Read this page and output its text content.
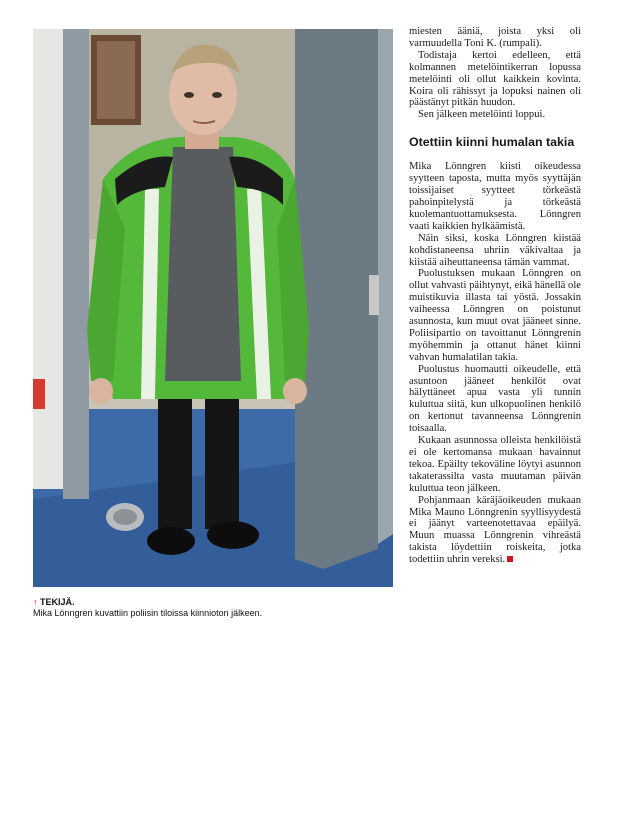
↑ TEKIJÄ.
Mika Lönngren kuvattiin poliisin tiloissa kiinnioton jälkeen.

miesten ääniä, joista yksi oli varmuudella Toni K. (rumpali).

Todistaja kertoi edelleen, että kolmannen metelöintikerran lopussa metelöinti oli ollut kaikkein kovinta. Koira oli rähissyt ja lopuksi nainen oli päästänyt pitkän huudon.

Sen jälkeen metelöinti loppui.

Otettiin kiinni humalan takia

Mika Lönngren kiisti oikeudessa syytteen taposta, mutta myös syyttäjän toissijaiset syytteet törkeästä pahoinpitelystä ja törkeästä kuolemantuottamuksesta. Lönngren vaati kaikkien hylkäämistä.

Näin siksi, koska Lönngren kiistää kohdistaneensa uhriin väkivaltaa ja kiistää aiheuttaneensa tämän vammat.

Puolustuksen mukaan Lönngren on ollut vahvasti päihtynyt, eikä hänellä ole muistikuvia illasta tai yöstä. Jossakin vaiheessa Lönngren on poistunut asunnosta, kun muut ovat jääneet sinne. Poliisipartio on tavoittanut Lönngrenin myöhemmin ja ottanut hänet kiinni vahvan humalatilan takia.

Puolustus huomautti oikeudelle, että asuntoon jääneet henkilöt ovat hälyttäneet apua vasta yli tunnin kuluttua siitä, kun ulkopuolinen henkilö on kertonut tavanneensa Lönngrenin toisaalla.

Kukaan asunnossa olleista henkilöistä ei ole kertomansa mukaan havainnut tekoa. Epäilty tekoväline löytyi asunnon takaterassilta vasta muutaman päivän kuluttua teon jälkeen.

Pohjanmaan käräjäoikeuden mukaan Mika Mauno Lönngrenin syyllisyydestä ei jäänyt varteenotettavaa epäilyä. Muun muassa Lönngrenin vihreästä takista löydettiin roiskeita, jotka todettiin uhrin vereksi.
